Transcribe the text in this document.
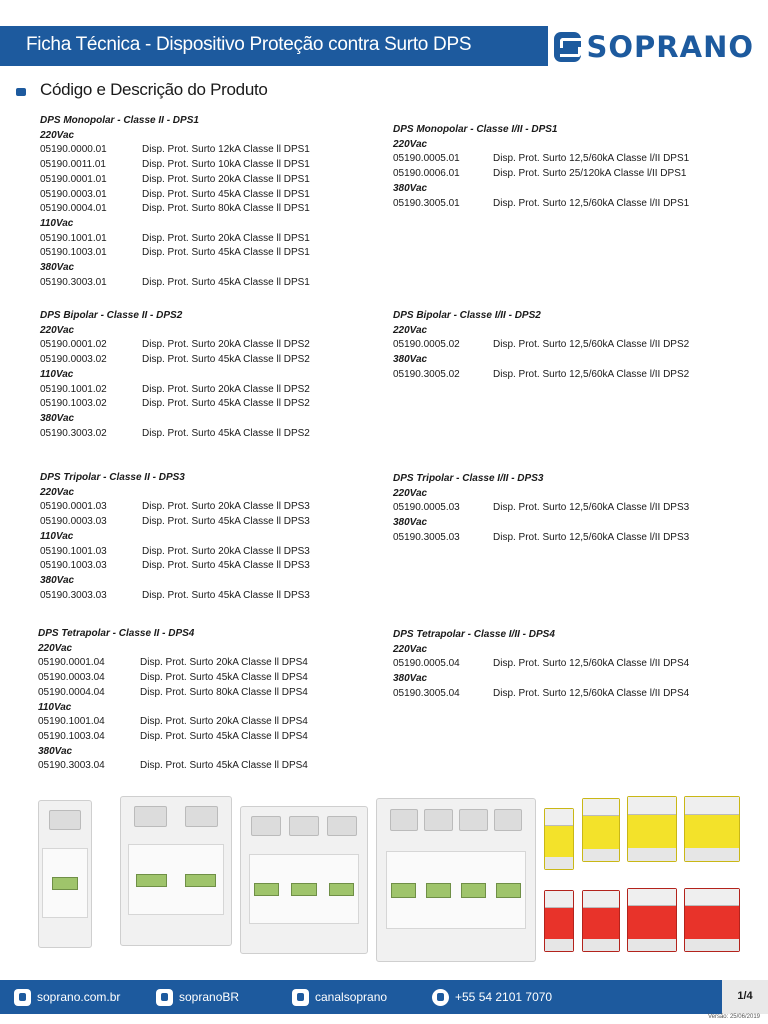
Ficha Técnica - Dispositivo Proteção contra Surto DPS	SOPRANO
Código e Descrição do Produto
DPS Monopolar - Classe II - DPS1
220Vac
05190.0000.01	Disp. Prot. Surto 12kA Classe ll DPS1
05190.0011.01	Disp. Prot. Surto 10kA Classe ll DPS1
05190.0001.01	Disp. Prot. Surto 20kA Classe ll DPS1
05190.0003.01	Disp. Prot. Surto 45kA Classe ll DPS1
05190.0004.01	Disp. Prot. Surto 80kA Classe ll DPS1
110Vac
05190.1001.01	Disp. Prot. Surto 20kA Classe ll DPS1
05190.1003.01	Disp. Prot. Surto 45kA Classe ll DPS1
380Vac
05190.3003.01	Disp. Prot. Surto 45kA Classe ll DPS1
DPS Bipolar - Classe II - DPS2
220Vac
05190.0001.02	Disp. Prot. Surto 20kA Classe ll DPS2
05190.0003.02	Disp. Prot. Surto 45kA Classe ll DPS2
110Vac
05190.1001.02	Disp. Prot. Surto 20kA Classe ll DPS2
05190.1003.02	Disp. Prot. Surto 45kA Classe ll DPS2
380Vac
05190.3003.02	Disp. Prot. Surto 45kA Classe ll DPS2
DPS Tripolar - Classe II - DPS3
220Vac
05190.0001.03	Disp. Prot. Surto 20kA Classe ll DPS3
05190.0003.03	Disp. Prot. Surto 45kA Classe ll DPS3
110Vac
05190.1001.03	Disp. Prot. Surto 20kA Classe ll DPS3
05190.1003.03	Disp. Prot. Surto 45kA Classe ll DPS3
380Vac
05190.3003.03	Disp. Prot. Surto 45kA Classe ll DPS3
DPS Tetrapolar - Classe II - DPS4
220Vac
05190.0001.04	Disp. Prot. Surto 20kA Classe ll DPS4
05190.0003.04	Disp. Prot. Surto 45kA Classe ll DPS4
05190.0004.04	Disp. Prot. Surto 80kA Classe ll DPS4
110Vac
05190.1001.04	Disp. Prot. Surto 20kA Classe ll DPS4
05190.1003.04	Disp. Prot. Surto 45kA Classe ll DPS4
380Vac
05190.3003.04	Disp. Prot. Surto 45kA Classe ll DPS4
DPS Monopolar - Classe I/II - DPS1
220Vac
05190.0005.01	Disp. Prot. Surto 12,5/60kA Classe l/II DPS1
05190.0006.01	Disp. Prot. Surto 25/120kA Classe l/II DPS1
380Vac
05190.3005.01	Disp. Prot. Surto 12,5/60kA Classe l/II DPS1
DPS Bipolar - Classe I/II - DPS2
220Vac
05190.0005.02	Disp. Prot. Surto 12,5/60kA Classe l/II DPS2
380Vac
05190.3005.02	Disp. Prot. Surto 12,5/60kA Classe l/II DPS2
DPS Tripolar - Classe I/II - DPS3
220Vac
05190.0005.03	Disp. Prot. Surto 12,5/60kA Classe l/II DPS3
380Vac
05190.3005.03	Disp. Prot. Surto 12,5/60kA Classe l/II DPS3
DPS Tetrapolar - Classe I/II - DPS4
220Vac
05190.0005.04	Disp. Prot. Surto 12,5/60kA Classe l/II DPS4
380Vac
05190.3005.04	Disp. Prot. Surto 12,5/60kA Classe l/II DPS4
soprano.com.br	sopranoBR	canalsoprano	+55 54 2101 7070	1/4
Versão: 25/06/2019
